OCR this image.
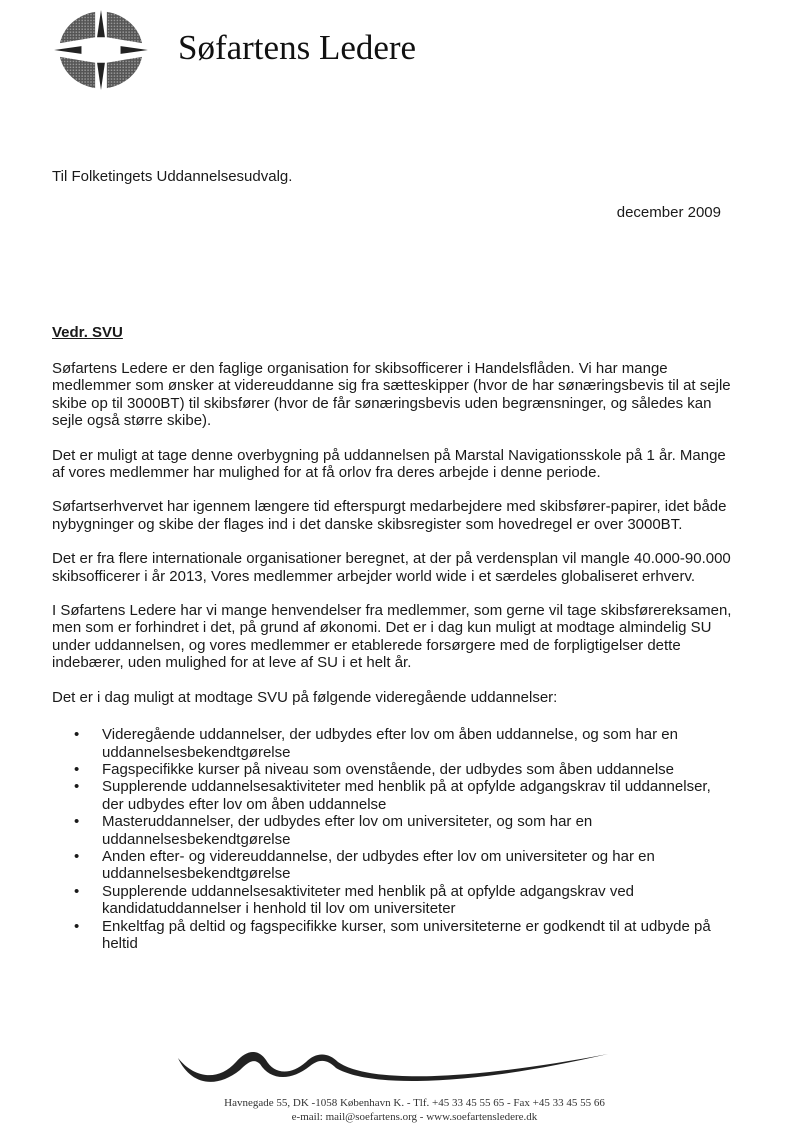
Søfartens Ledere
Til Folketingets Uddannelsesudvalg.
december 2009
Vedr. SVU

Søfartens Ledere er den faglige organisation for skibsofficerer i Handelsflåden. Vi har mange medlemmer som ønsker at videreuddanne sig fra sætteskipper (hvor de har sønæringsbevis til at sejle skibe op til 3000BT) til skibsfører (hvor de får sønæringsbevis uden begrænsninger, og således kan sejle også større skibe).

Det er muligt at tage denne overbygning på uddannelsen på Marstal Navigationsskole på 1 år. Mange af vores medlemmer har mulighed for at få orlov fra deres arbejde i denne periode.

Søfartserhvervet har igennem længere tid efterspurgt medarbejdere med skibsfører-papirer, idet både nybygninger og skibe der flages ind i det danske skibsregister som hovedregel er over 3000BT.

Det er fra flere internationale organisationer beregnet, at der på verdensplan vil mangle 40.000-90.000 skibsofficerer i år 2013, Vores medlemmer arbejder world wide i et særdeles globaliseret erhverv.

I Søfartens Ledere har vi mange henvendelser fra medlemmer, som gerne vil tage skibsførereksamen, men som er forhindret i det, på grund af økonomi. Det er i dag kun muligt at modtage almindelig SU under uddannelsen, og vores medlemmer er etablerede forsørgere med de forpligtigelser dette indebærer, uden mulighed for at leve af SU i et helt år.

Det er i dag muligt at modtage SVU på følgende videregående uddannelser:

• Videregående uddannelser, der udbydes efter lov om åben uddannelse, og som har en uddannelsesbekendtgørelse
• Fagspecifikke kurser på niveau som ovenstående, der udbydes som åben uddannelse
• Supplerende uddannelsesaktiviteter med henblik på at opfylde adgangskrav til uddannelser, der udbydes efter lov om åben uddannelse
• Masteruddannelser, der udbydes efter lov om universiteter, og som har en uddannelsesbekendtgørelse
• Anden efter- og videreuddannelse, der udbydes efter lov om universiteter og har en uddannelsesbekendtgørelse
• Supplerende uddannelsesaktiviteter med henblik på at opfylde adgangskrav ved kandidatuddannelser i henhold til lov om universiteter
• Enkeltfag på deltid og fagspecifikke kurser, som universiteterne er godkendt til at udbyde på heltid
Havnegade 55, DK -1058 København K. - Tlf. +45 33 45 55 65 - Fax +45 33 45 55 66
e-mail: mail@soefartens.org - www.soefartensledere.dk
